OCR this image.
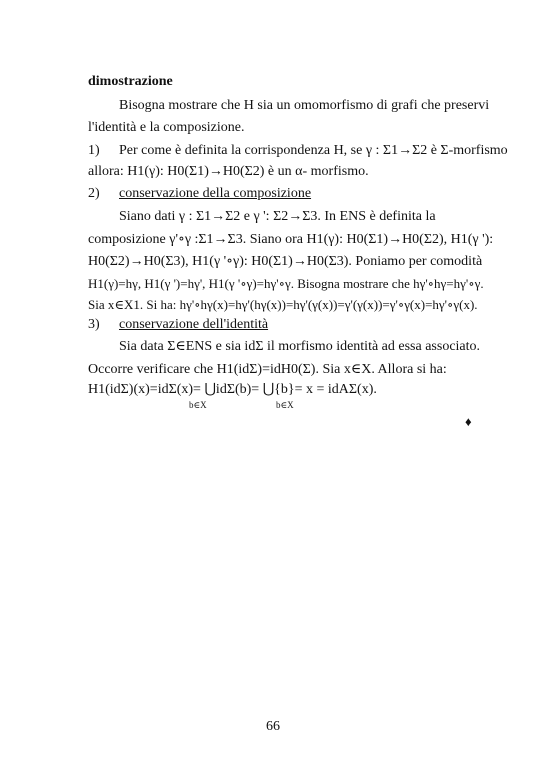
dimostrazione
Bisogna mostrare che H sia un omomorfismo di grafi che preservi
l'identità e la composizione.
1) Per come è definita la corrispondenza H, se γ : Σ1→Σ2 è Σ-morfismo
allora: H1(γ): H0(Σ1)→H0(Σ2) è un α- morfismo.
2) conservazione della composizione
Siano dati γ : Σ1→Σ2 e γ ': Σ2→Σ3. In ENS è definita la
composizione γ'∘γ :Σ1→Σ3. Siano ora H1(γ): H0(Σ1)→H0(Σ2), H1(γ '):
H0(Σ2)→H0(Σ3), H1(γ '∘γ): H0(Σ1)→H0(Σ3). Poniamo per comodità
H1(γ)=hγ, H1(γ ')=hγ', H1(γ '∘γ)=hγ'∘γ. Bisogna mostrare che hγ'∘hγ=hγ'∘γ.
Sia x∈X1. Si ha: hγ'∘hγ(x)=hγ'(hγ(x))=hγ'(γ(x))=γ'(γ(x))=γ'∘γ(x)=hγ'∘γ(x).
3) conservazione dell'identità
Sia data Σ∈ENS e sia idΣ il morfismo identità ad essa associato.
Occorre verificare che H1(idΣ)=idH0(Σ). Sia x∈X. Allora si ha:
H1(idΣ)(x)=idΣ(x)= ⋃idΣ(b)= ⋃{b}= x = idAΣ(x).
b∈X	b∈X
♦
66
